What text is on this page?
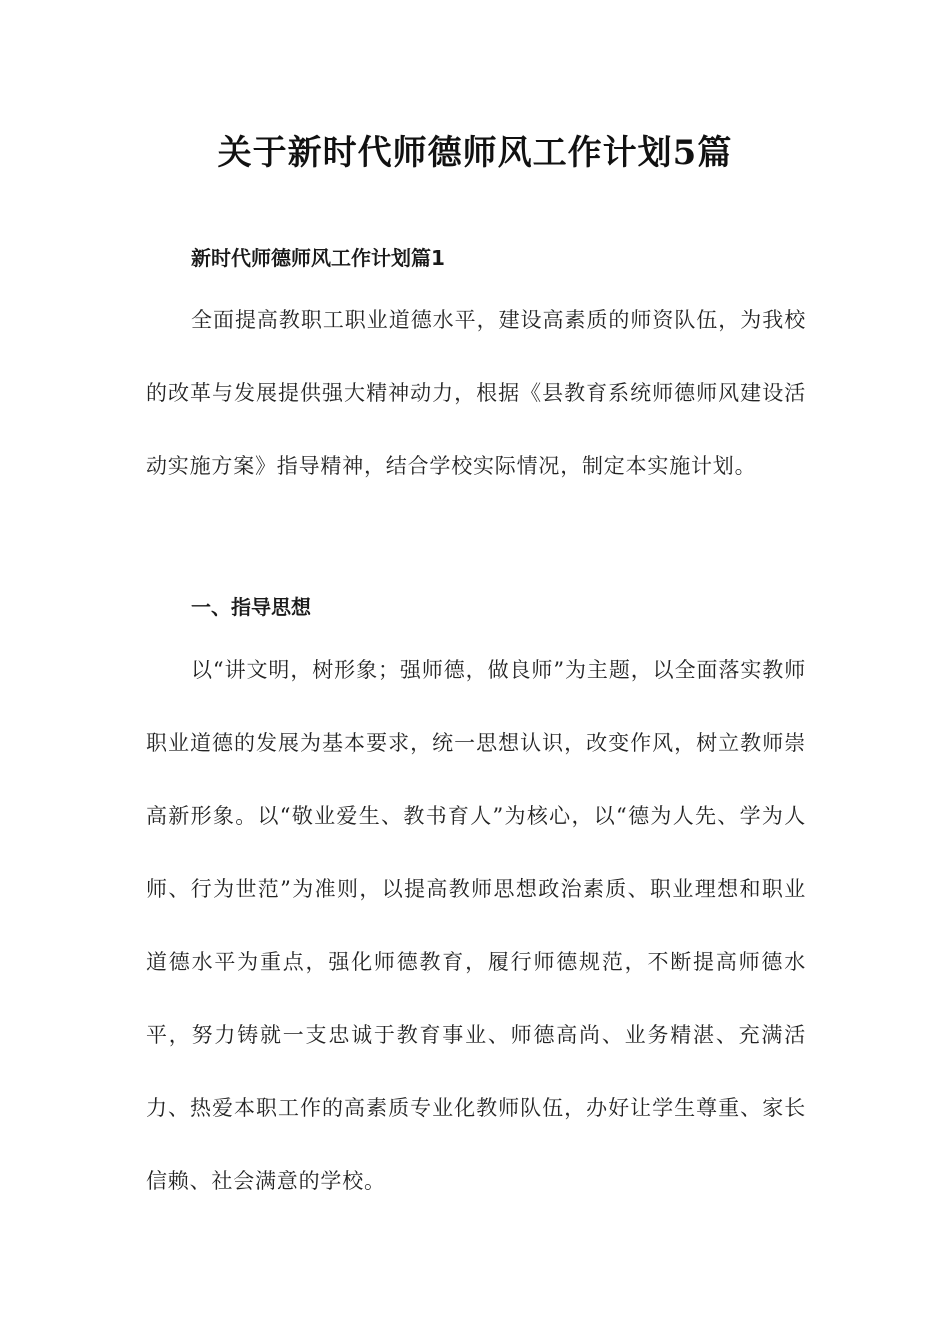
关于新时代师德师风工作计划5篇
新时代师德师风工作计划篇1

全面提高教职工职业道德水平，建设高素质的师资队伍，为我校的改革与发展提供强大精神动力，根据《县教育系统师德师风建设活动实施方案》指导精神，结合学校实际情况，制定本实施计划。

一、指导思想

以“讲文明，树形象；强师德，做良师”为主题，以全面落实教师职业道德的发展为基本要求，统一思想认识，改变作风，树立教师崇高新形象。以“敬业爱生、教书育人”为核心，以“德为人先、学为人师、行为世范”为准则，以提高教师思想政治素质、职业理想和职业道德水平为重点，强化师德教育，履行师德规范，不断提高师德水平，努力铸就一支忠诚于教育事业、师德高尚、业务精湛、充满活力、热爱本职工作的高素质专业化教师队伍，办好让学生尊重、家长信赖、社会满意的学校。
